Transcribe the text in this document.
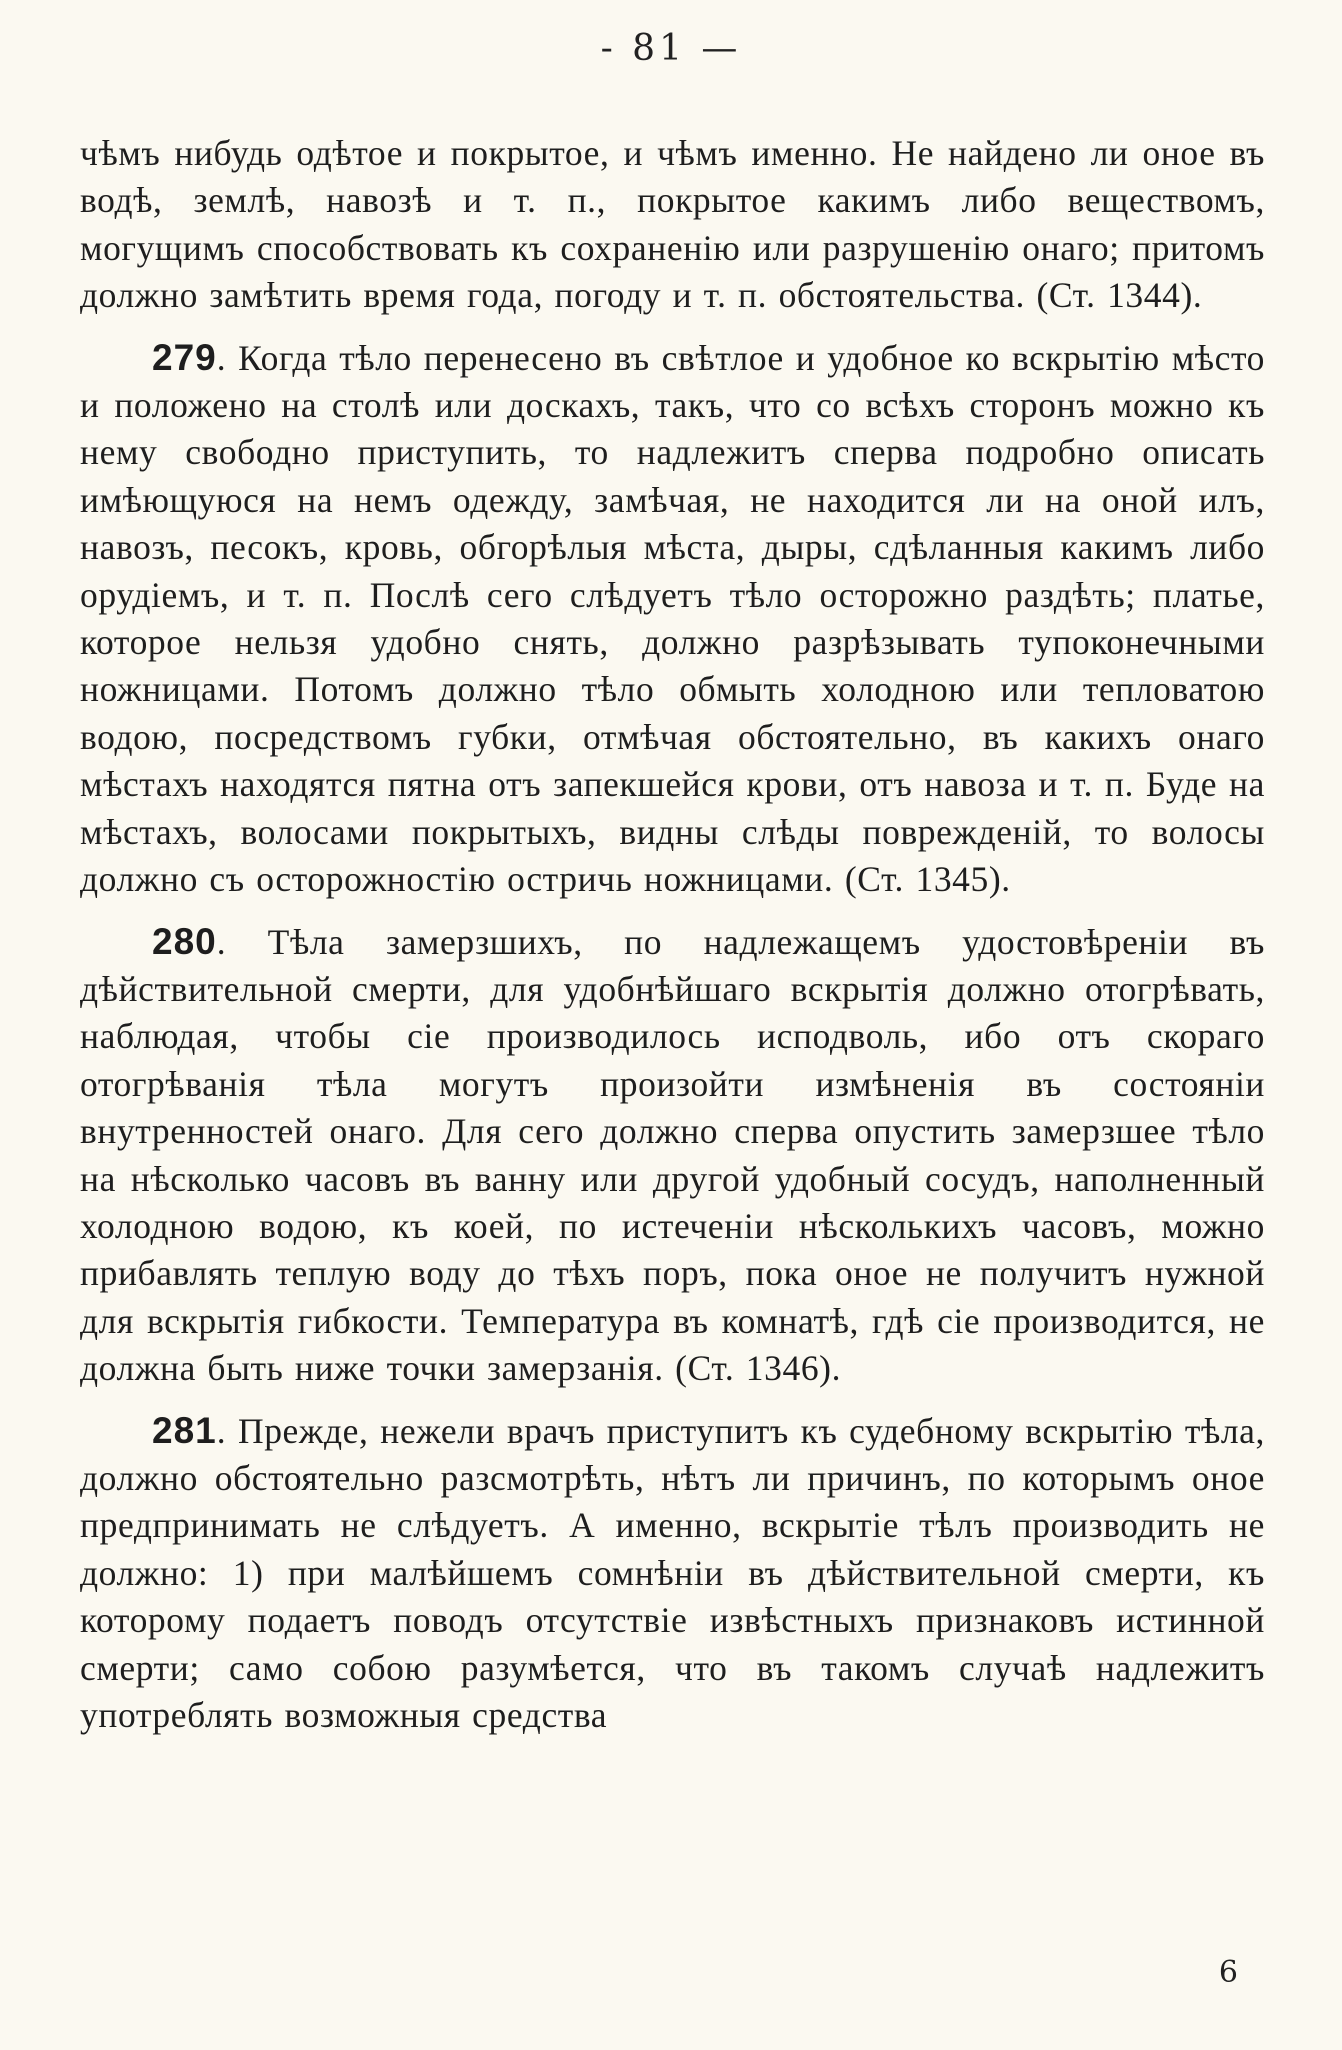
- 81 —

чѣмъ нибудь одѣтое и покрытое, и чѣмъ именно. Не найдено ли оное въ водѣ, землѣ, навозѣ и т. п., покрытое какимъ либо веществомъ, могущимъ способствовать къ сохраненію или разрушенію онаго; притомъ должно замѣтить время года, погоду и т. п. обстоятельства. (Ст. 1344).

279. Когда тѣло перенесено въ свѣтлое и удобное ко вскрытію мѣсто и положено на столѣ или доскахъ, такъ, что со всѣхъ сторонъ можно къ нему свободно приступить, то надлежитъ сперва подробно описать имѣющуюся на немъ одежду, замѣчая, не находится ли на оной илъ, навозъ, песокъ, кровь, обгорѣлыя мѣста, дыры, сдѣланныя какимъ либо орудіемъ, и т. п. Послѣ сего слѣдуетъ тѣло осторожно раздѣть; платье, которое нельзя удобно снять, должно разрѣзывать тупоконечными ножницами. Потомъ должно тѣло обмыть холодною или тепловатою водою, посредствомъ губки, отмѣчая обстоятельно, въ какихъ онаго мѣстахъ находятся пятна отъ запекшейся крови, отъ навоза и т. п. Буде на мѣстахъ, волосами покрытыхъ, видны слѣды поврежденій, то волосы должно съ осторожностію остричь ножницами. (Ст. 1345).

280. Тѣла замерзшихъ, по надлежащемъ удостовѣреніи въ дѣйствительной смерти, для удобнѣйшаго вскрытія должно отогрѣвать, наблюдая, чтобы сіе производилось исподволь, ибо отъ скораго отогрѣванія тѣла могутъ произойти измѣненія въ состояніи внутренностей онаго. Для сего должно сперва опустить замерзшее тѣло на нѣсколько часовъ въ ванну или другой удобный сосудъ, наполненный холодною водою, къ коей, по истеченіи нѣсколькихъ часовъ, можно прибавлять теплую воду до тѣхъ поръ, пока оное не получитъ нужной для вскрытія гибкости. Температура въ комнатѣ, гдѣ сіе производится, не должна быть ниже точки замерзанія. (Ст. 1346).

281. Прежде, нежели врачъ приступитъ къ судебному вскрытію тѣла, должно обстоятельно разсмотрѣть, нѣтъ ли причинъ, по которымъ оное предпринимать не слѣдуетъ. А именно, вскрытіе тѣлъ производить не должно: 1) при малѣйшемъ сомнѣніи въ дѣйствительной смерти, къ которому подаетъ поводъ отсутствіе извѣстныхъ признаковъ истинной смерти; само собою разумѣется, что въ такомъ случаѣ надлежитъ употреблять возможныя средства

6
